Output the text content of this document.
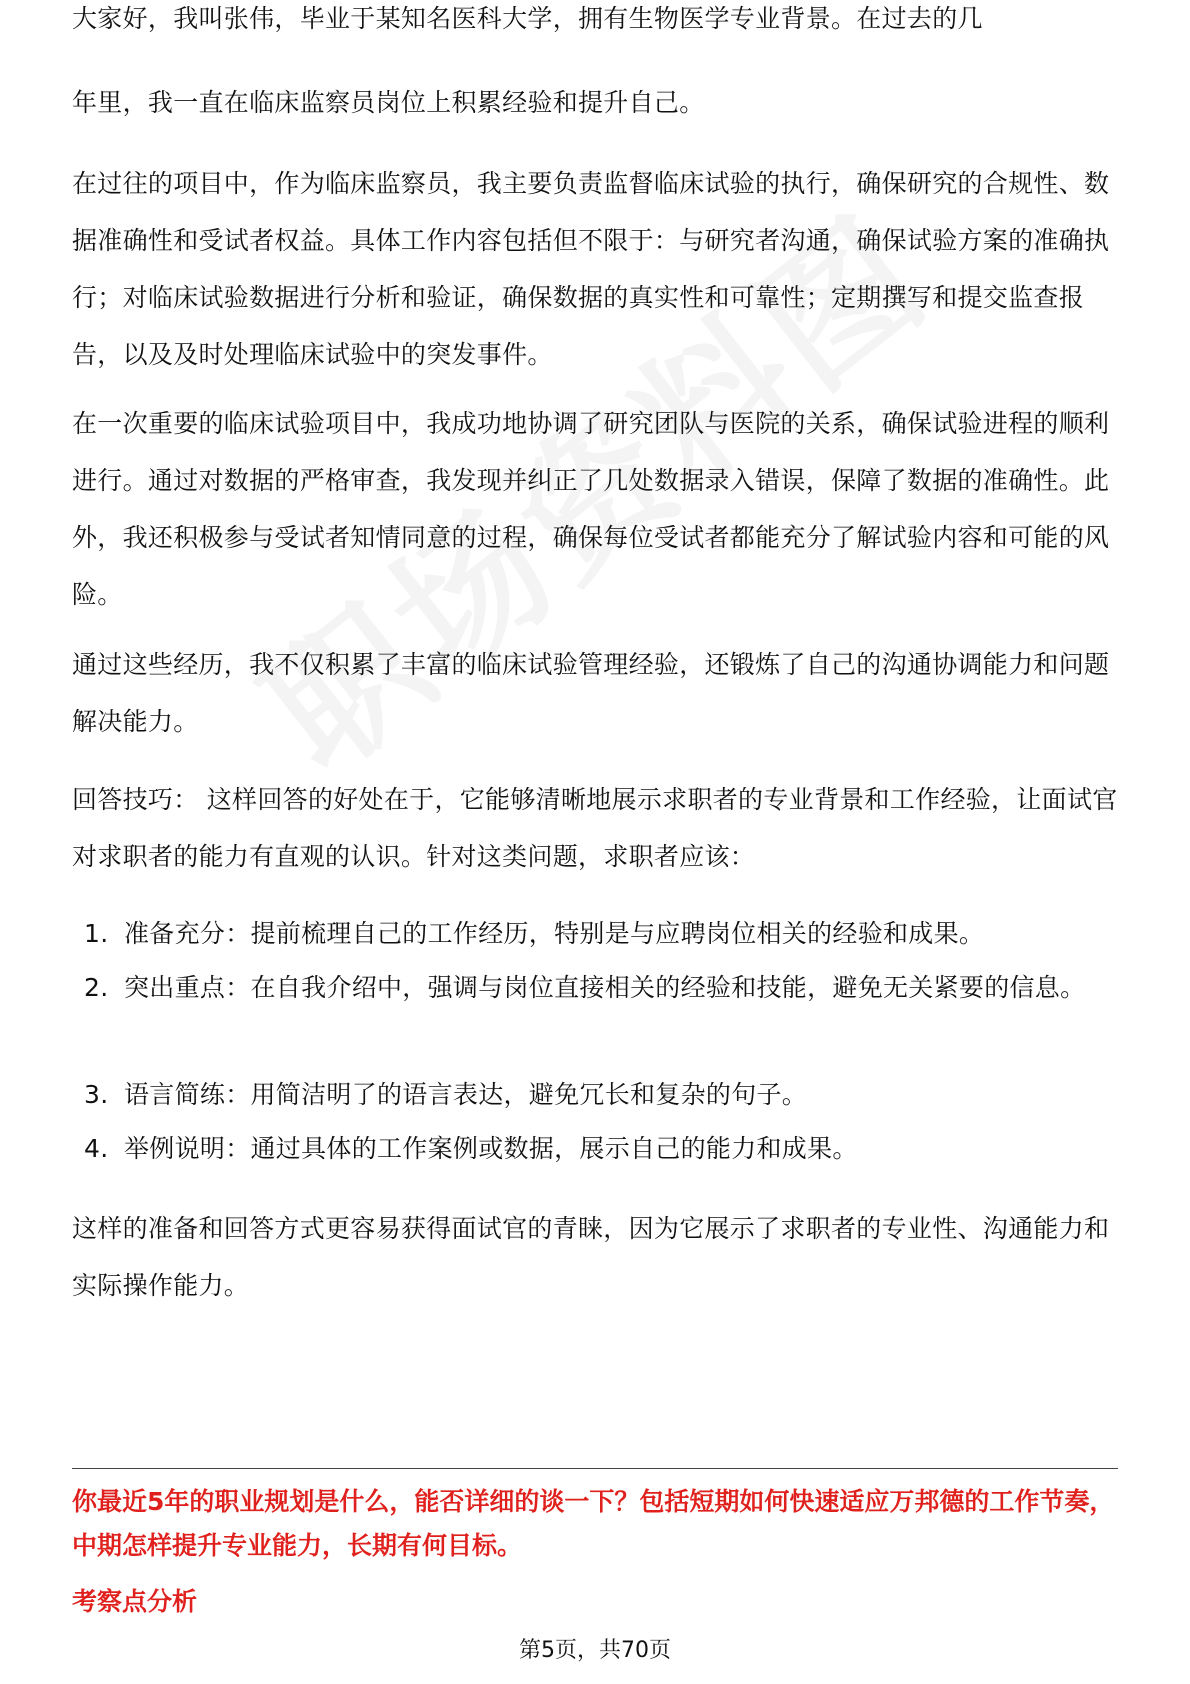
大家好，我叫张伟，毕业于某知名医科大学，拥有生物医学专业背景。在过去的几

年里，我一直在临床监察员岗位上积累经验和提升自己。

在过往的项目中，作为临床监察员，我主要负责监督临床试验的执行，确保研究的合规性、数据准确性和受试者权益。具体工作内容包括但不限于：与研究者沟通，确保试验方案的准确执行；对临床试验数据进行分析和验证，确保数据的真实性和可靠性；定期撰写和提交监查报告，以及及时处理临床试验中的突发事件。

在一次重要的临床试验项目中，我成功地协调了研究团队与医院的关系，确保试验进程的顺利进行。通过对数据的严格审查，我发现并纠正了几处数据录入错误，保障了数据的准确性。此外，我还积极参与受试者知情同意的过程，确保每位受试者都能充分了解试验内容和可能的风险。

通过这些经历，我不仅积累了丰富的临床试验管理经验，还锻炼了自己的沟通协调能力和问题解决能力。

回答技巧： 这样回答的好处在于，它能够清晰地展示求职者的专业背景和工作经验，让面试官对求职者的能力有直观的认识。针对这类问题，求职者应该：

1. 准备充分：提前梳理自己的工作经历，特别是与应聘岗位相关的经验和成果。
2. 突出重点：在自我介绍中，强调与岗位直接相关的经验和技能，避免无关紧要的信息。
3. 语言简练：用简洁明了的语言表达，避免冗长和复杂的句子。
4. 举例说明：通过具体的工作案例或数据，展示自己的能力和成果。

这样的准备和回答方式更容易获得面试官的青睐，因为它展示了求职者的专业性、沟通能力和实际操作能力。

你最近5年的职业规划是什么，能否详细的谈一下？包括短期如何快速适应万邦德的工作节奏，中期怎样提升专业能力，长期有何目标。

考察点分析

第5页，共70页
